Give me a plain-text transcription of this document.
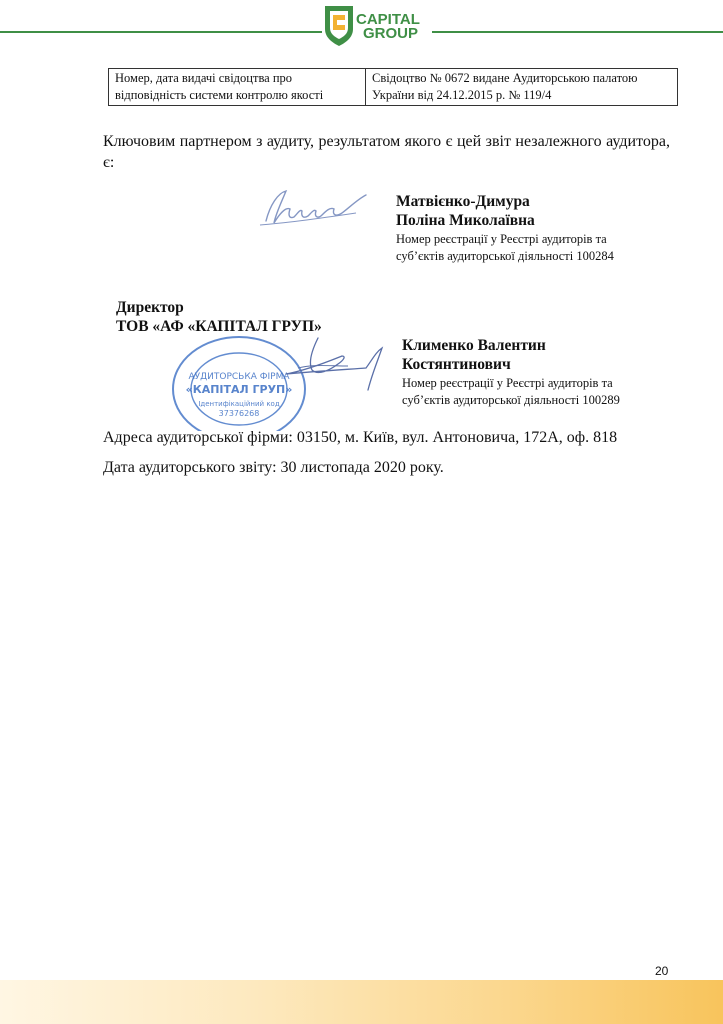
CAPITAL
GROUP
Номер, дата видачі свідоцтва про відповідність системи контролю якості	Свідоцтво № 0672 видане Аудиторською палатою України від 24.12.2015 р. № 119/4
Ключовим партнером з аудиту, результатом якого є цей звіт незалежного аудитора, є:
Матвієнко-Димура
Поліна Миколаївна
Номер реєстрації у Реєстрі аудиторів та
суб’єктів аудиторської діяльності 100284
Директор
ТОВ «АФ «КАПІТАЛ ГРУП»
АУДИТОРСЬКА ФІРМА
«КАПІТАЛ ГРУП»
Ідентифікаційний код
37376268
Клименко Валентин
Костянтинович
Номер реєстрації у Реєстрі аудиторів та
суб’єктів аудиторської діяльності 100289
Адреса аудиторської фірми: 03150, м. Київ, вул. Антоновича, 172А, оф. 818
Дата аудиторського звіту: 30 листопада 2020 року.
20
